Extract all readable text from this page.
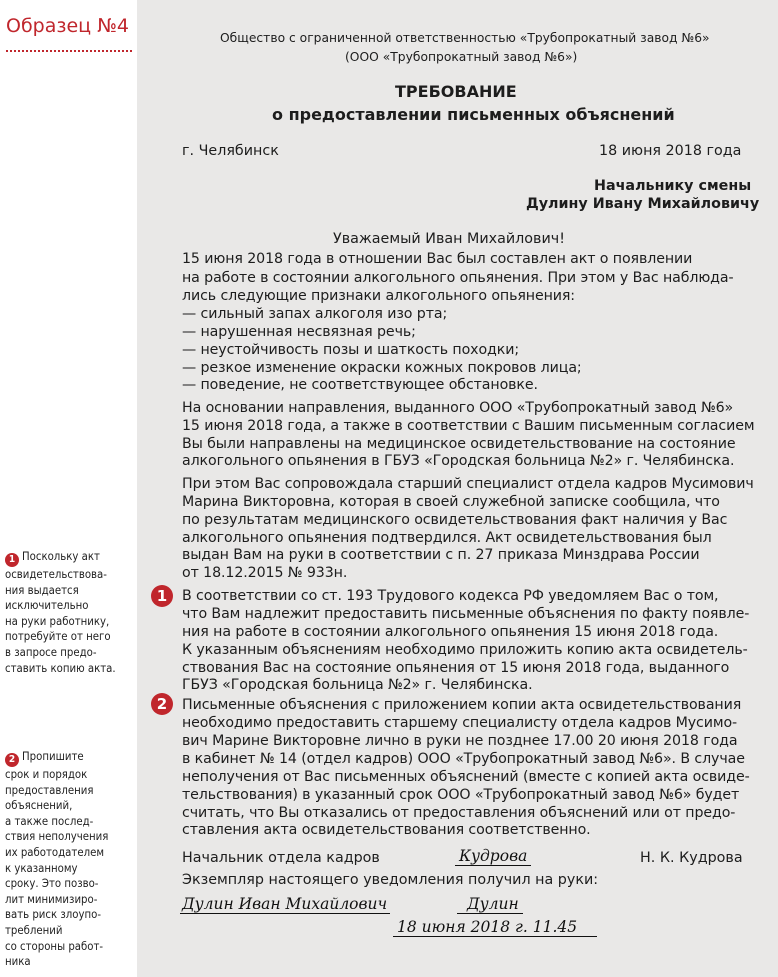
Образец №4
1 Поскольку акт
освидетельствова-
ния выдается
исключительно
на руки работнику,
потребуйте от него
в запросе предо-
ставить копию акта.
2 Пропишите
срок и порядок
предоставления
объяснений,
а также послед-
ствия неполучения
их работодателем
к указанному
сроку. Это позво-
лит минимизиро-
вать риск злоупо-
треблений
со стороны работ-
ника
Общество с ограниченной ответственностью «Трубопрокатный завод №6»
(ООО «Трубопрокатный завод №6»)
ТРЕБОВАНИЕ
о предоставлении письменных объяснений
г. Челябинск	18 июня 2018 года
Начальнику смены
Дулину Ивану Михайловичу
Уважаемый Иван Михайлович!
15 июня 2018 года в отношении Вас был составлен акт о появлении
на работе в состоянии алкогольного опьянения. При этом у Вас наблюда-
лись следующие признаки алкогольного опьянения:
— сильный запах алкоголя изо рта;
— нарушенная несвязная речь;
— неустойчивость позы и шаткость походки;
— резкое изменение окраски кожных покровов лица;
— поведение, не соответствующее обстановке.
На основании направления, выданного ООО «Трубопрокатный завод №6»
15 июня 2018 года, а также в соответствии с Вашим письменным согласием
Вы были направлены на медицинское освидетельствование на состояние
алкогольного опьянения в ГБУЗ «Городская больница №2» г. Челябинска.
При этом Вас сопровождала старший специалист отдела кадров Мусимович
Марина Викторовна, которая в своей служебной записке сообщила, что
по результатам медицинского освидетельствования факт наличия у Вас
алкогольного опьянения подтвердился. Акт освидетельствования был
выдан Вам на руки в соответствии с п. 27 приказа Минздрава России
от 18.12.2015 № 933н.
1	В соответствии со ст. 193 Трудового кодекса РФ уведомляем Вас о том,
что Вам надлежит предоставить письменные объяснения по факту появле-
ния на работе в состоянии алкогольного опьянения 15 июня 2018 года.
К указанным объяснениям необходимо приложить копию акта освидетель-
ствования Вас на состояние опьянения от 15 июня 2018 года, выданного
ГБУЗ «Городская больница №2» г. Челябинска.
2	Письменные объяснения с приложением копии акта освидетельствования
необходимо предоставить старшему специалисту отдела кадров Мусимо-
вич Марине Викторовне лично в руки не позднее 17.00 20 июня 2018 года
в кабинет № 14 (отдел кадров) ООО «Трубопрокатный завод №6». В случае
неполучения от Вас письменных объяснений (вместе с копией акта освиде-
тельствования) в указанный срок ООО «Трубопрокатный завод №6» будет
считать, что Вы отказались от предоставления объяснений или от предо-
ставления акта освидетельствования соответственно.
Начальник отдела кадров	Кудрова	Н. К. Кудрова
Экземпляр настоящего уведомления получил на руки:
Дулин Иван Михайлович	Дулин
18 июня 2018 г. 11.45
